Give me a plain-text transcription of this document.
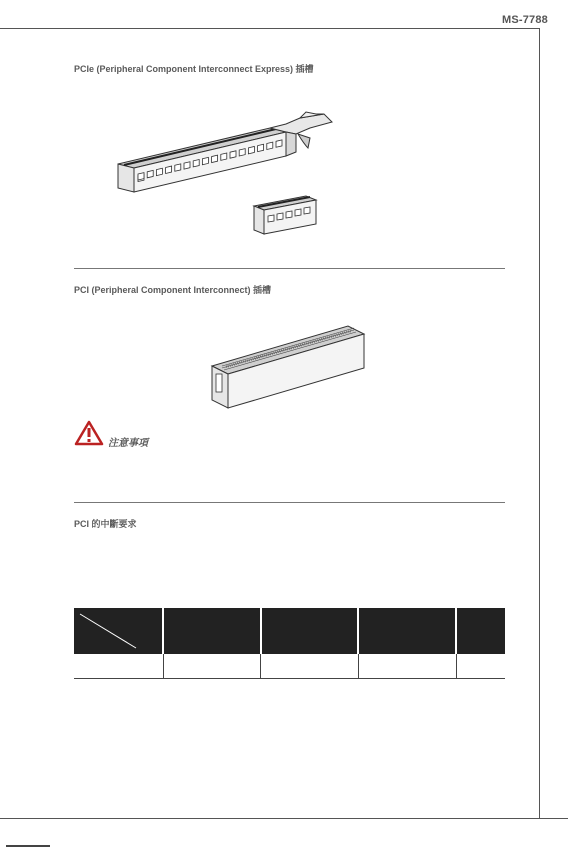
MS-7788
PCIe (Peripheral Component Interconnect Express) 插槽
PCI (Peripheral Component Interconnect) 插槽
注意事項
PCI 的中斷要求
